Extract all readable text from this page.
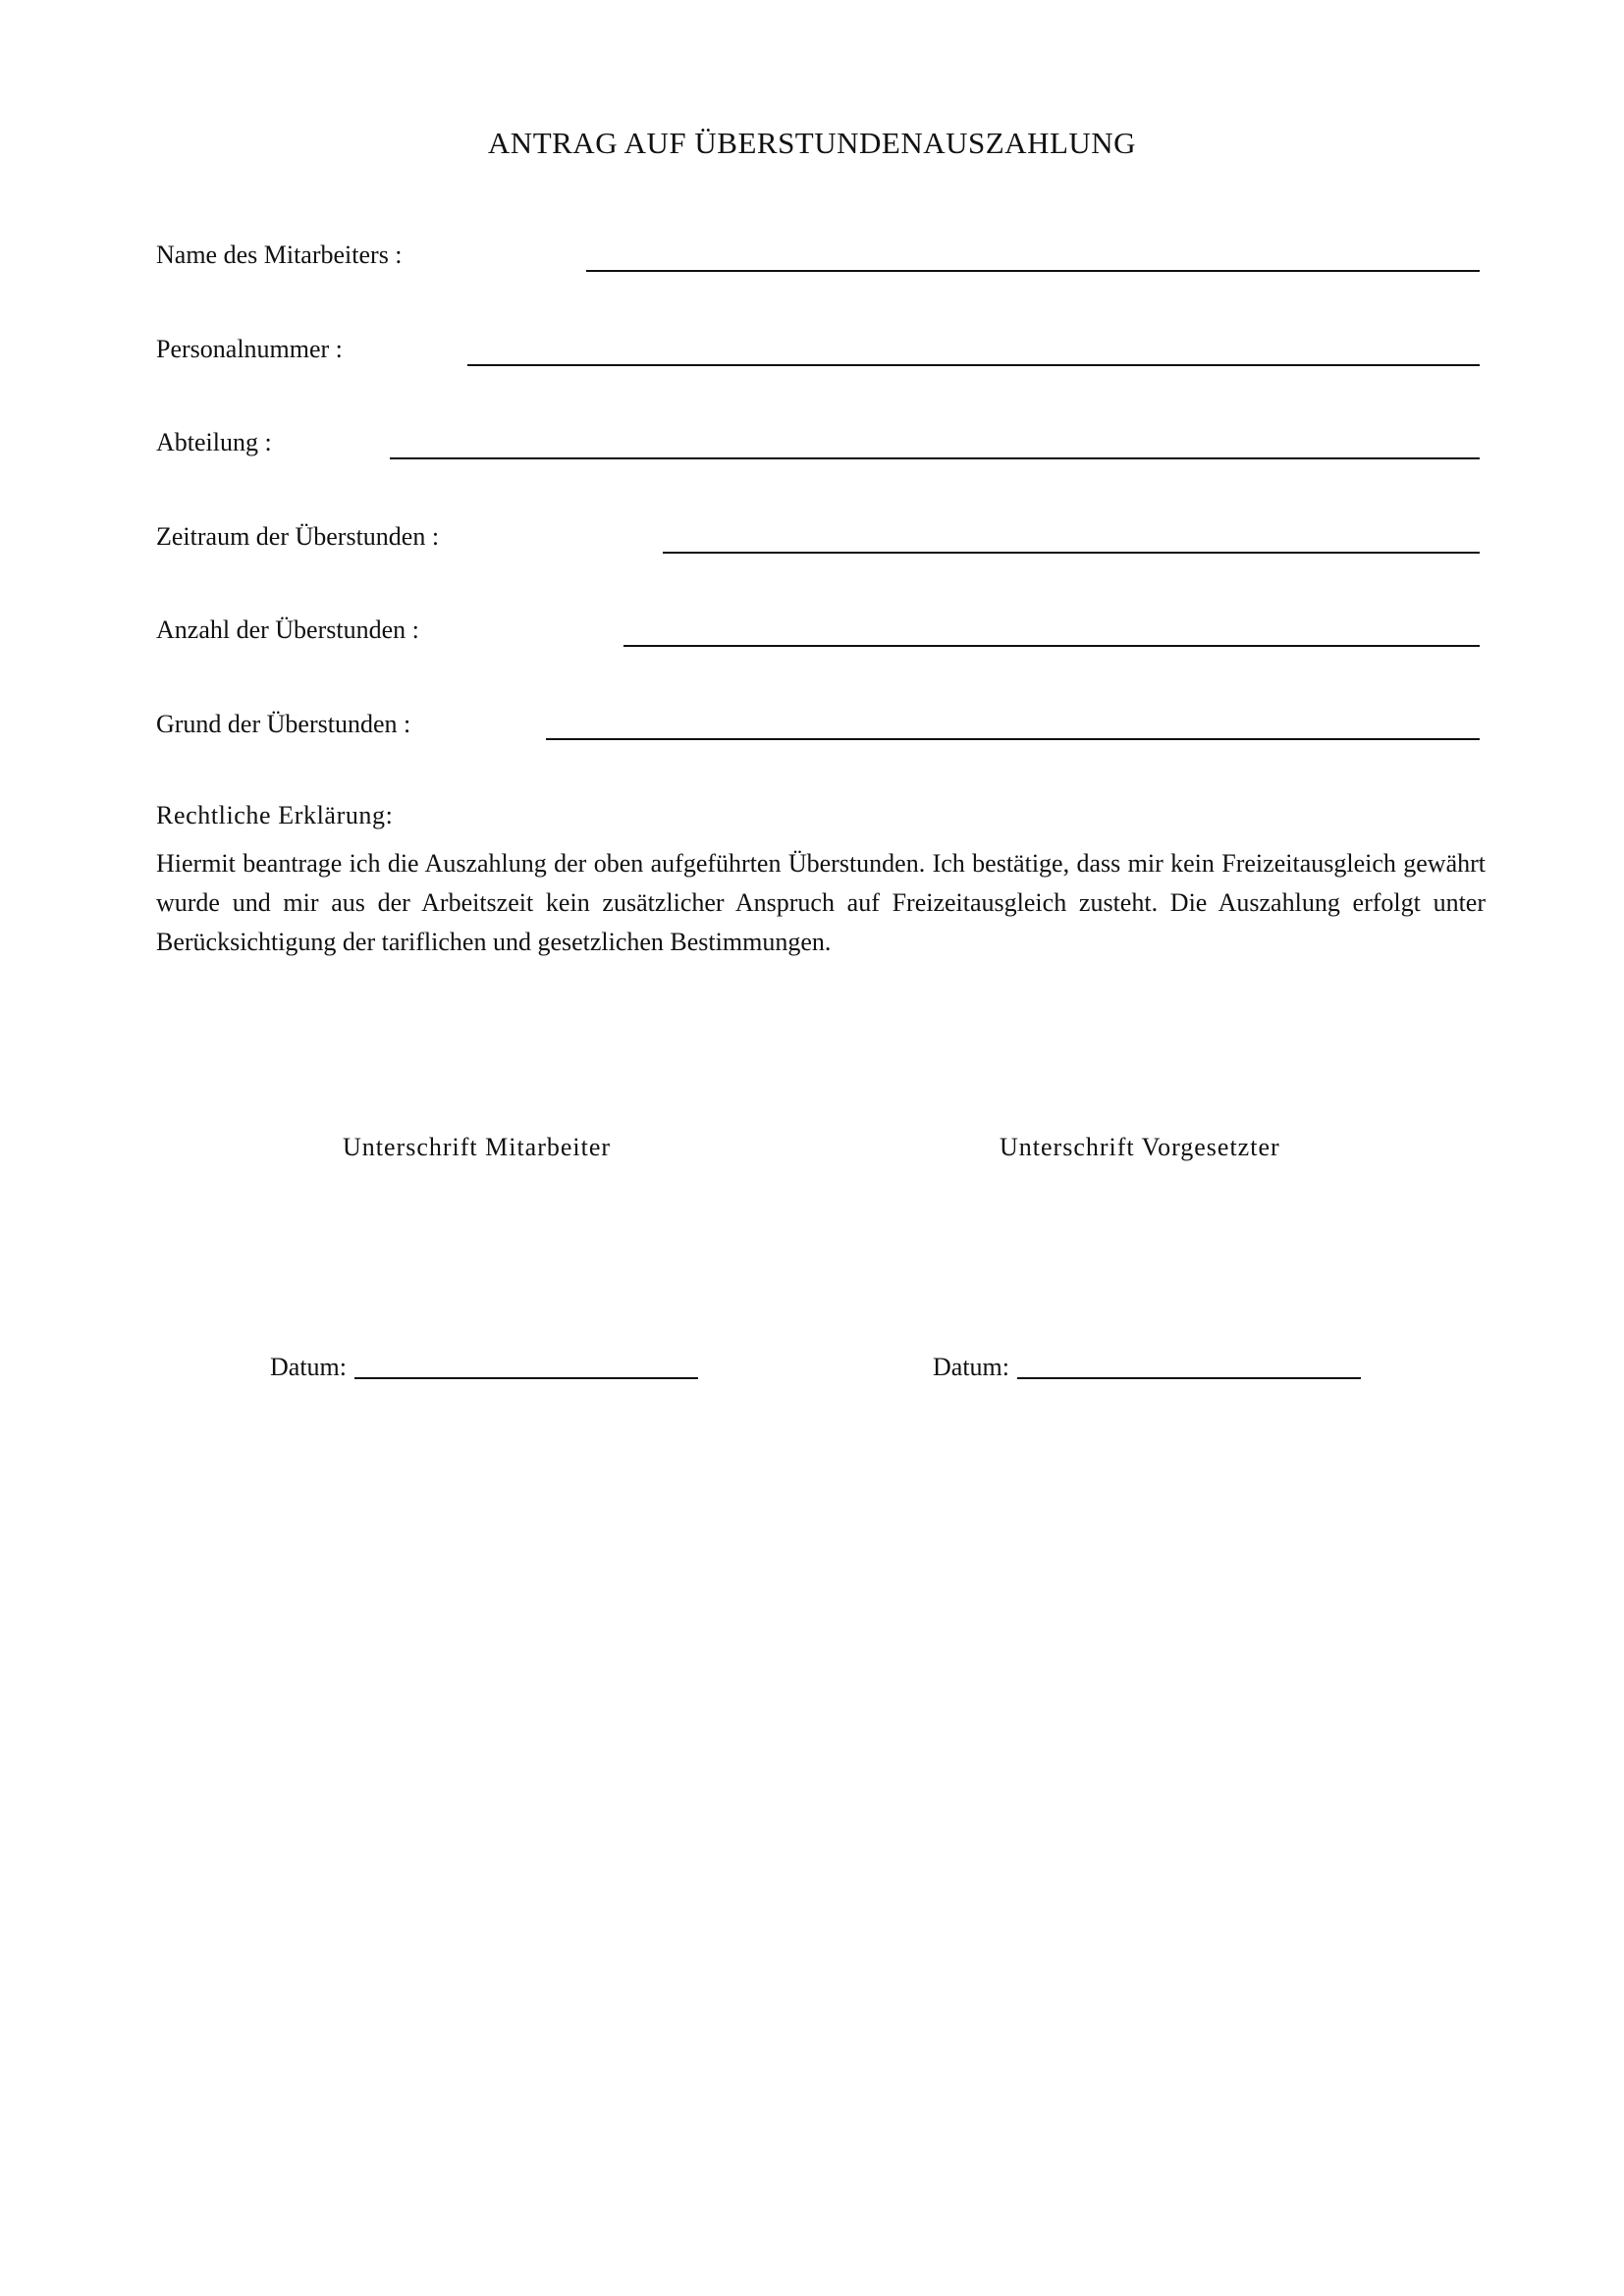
ANTRAG AUF ÜBERSTUNDENAUSZAHLUNG
Name des Mitarbeiters :
Personalnummer :
Abteilung :
Zeitraum der Überstunden :
Anzahl der Überstunden :
Grund der Überstunden :
Rechtliche Erklärung:
Hiermit beantrage ich die Auszahlung der oben aufgeführten Überstunden. Ich bestätige, dass mir kein Freizeitausgleich gewährt wurde und mir aus der Arbeitszeit kein zusätzlicher Anspruch auf Freizeitausgleich zusteht. Die Auszahlung erfolgt unter Berücksichtigung der tariflichen und gesetzlichen Bestimmungen.
Unterschrift Mitarbeiter	Unterschrift Vorgesetzter
Datum:	Datum:
